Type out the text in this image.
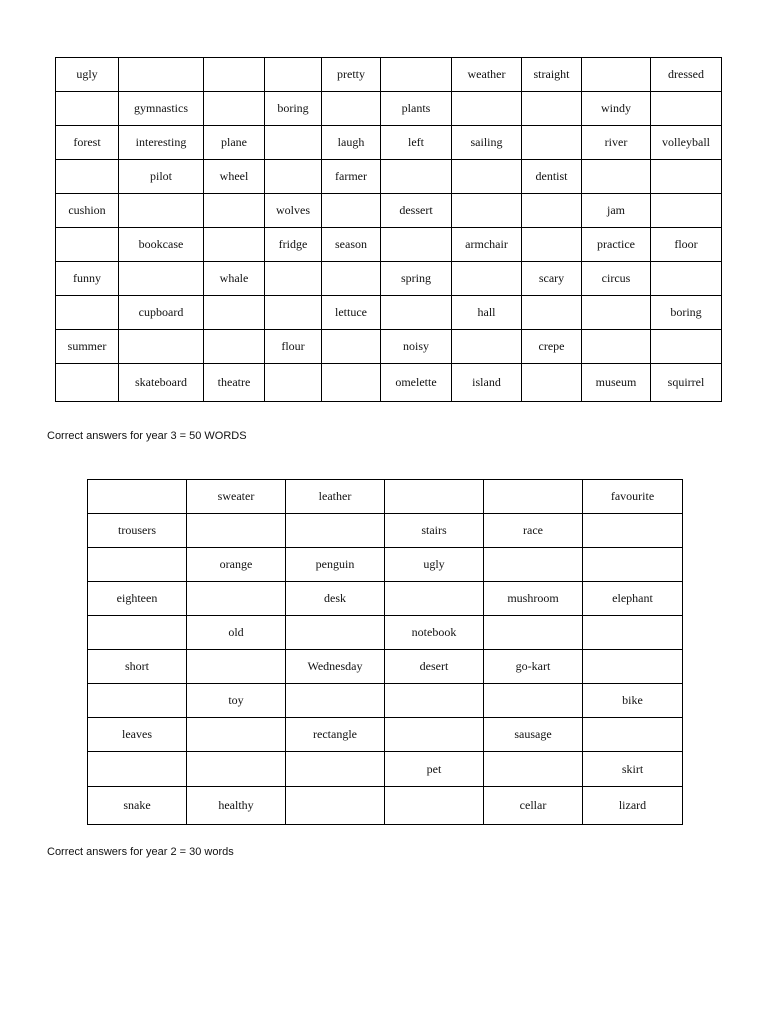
ugly				pretty		weather	straight		dressed
	gymnastics		boring		plants			windy	
forest	interesting	plane		laugh	left	sailing		river	volleyball
	pilot	wheel		farmer			dentist		
cushion			wolves		dessert			jam	
	bookcase		fridge	season		armchair		practice	floor
funny		whale			spring		scary	circus	
	cupboard			lettuce		hall			boring
summer			flour		noisy		crepe		
	skateboard	theatre			omelette	island		museum	squirrel
Correct answers for year 3 = 50 WORDS
	sweater	leather			favourite
trousers			stairs	race	
	orange	penguin	ugly		
eighteen		desk		mushroom	elephant
	old		notebook		
short		Wednesday	desert	go-kart	
	toy				bike
leaves		rectangle		sausage	
			pet		skirt
snake	healthy			cellar	lizard
Correct answers for year 2 = 30 words
